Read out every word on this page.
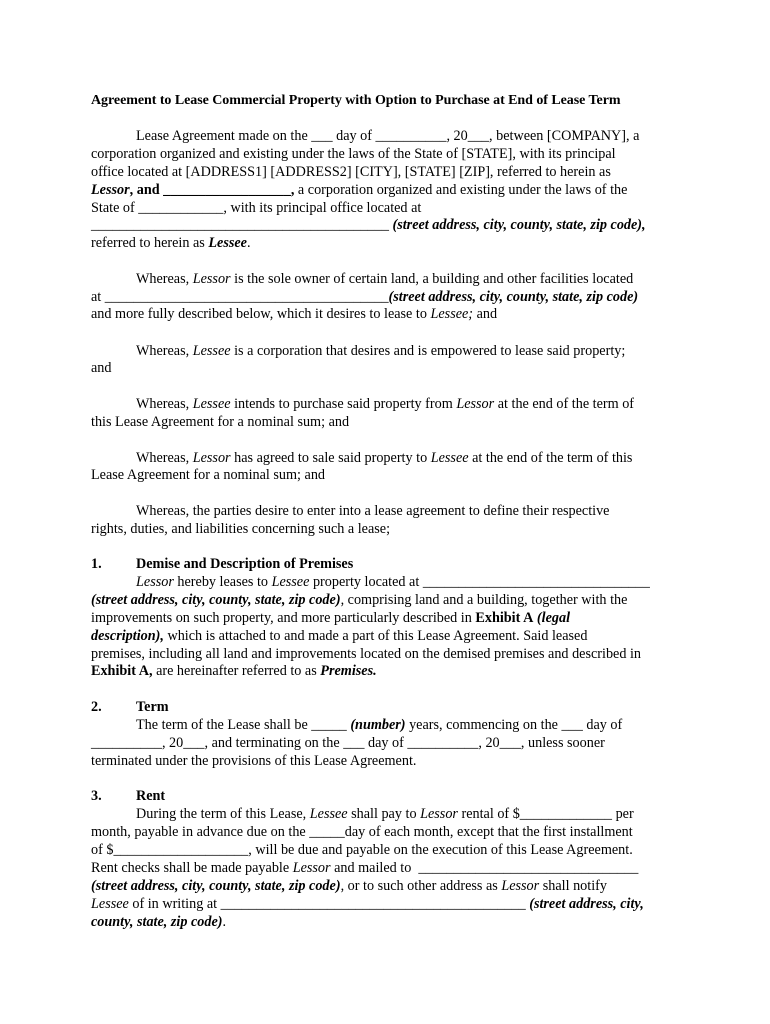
Agreement to Lease Commercial Property with Option to Purchase at End of Lease Term
Lease Agreement made on the ___ day of __________, 20___, between [COMPANY], a
corporation organized and existing under the laws of the State of [STATE], with its principal
office located at [ADDRESS1] [ADDRESS2] [CITY], [STATE] [ZIP], referred to herein as
Lessor, and __________________, a corporation organized and existing under the laws of the
State of ____________, with its principal office located at
__________________________________________ (street address, city, county, state, zip code),
referred to herein as Lessee.
Whereas, Lessor is the sole owner of certain land, a building and other facilities located
at ________________________________________(street address, city, county, state, zip code)
and more fully described below, which it desires to lease to Lessee; and
Whereas, Lessee is a corporation that desires and is empowered to lease said property;
and
Whereas, Lessee intends to purchase said property from Lessor at the end of the term of
this Lease Agreement for a nominal sum; and
Whereas, Lessor has agreed to sale said property to Lessee at the end of the term of this
Lease Agreement for a nominal sum; and
Whereas, the parties desire to enter into a lease agreement to define their respective
rights, duties, and liabilities concerning such a lease;
1. Demise and Description of Premises
Lessor hereby leases to Lessee property located at ________________________________
(street address, city, county, state, zip code), comprising land and a building, together with the
improvements on such property, and more particularly described in Exhibit A (legal
description), which is attached to and made a part of this Lease Agreement. Said leased
premises, including all land and improvements located on the demised premises and described in
Exhibit A, are hereinafter referred to as Premises.
2. Term
The term of the Lease shall be _____ (number) years, commencing on the ___ day of
__________, 20___, and terminating on the ___ day of __________, 20___, unless sooner
terminated under the provisions of this Lease Agreement.
3. Rent
During the term of this Lease, Lessee shall pay to Lessor rental of $_____________ per
month, payable in advance due on the _____day of each month, except that the first installment
of $___________________, will be due and payable on the execution of this Lease Agreement.
Rent checks shall be made payable Lessor and mailed to  _______________________________
(street address, city, county, state, zip code), or to such other address as Lessor shall notify
Lessee of in writing at ___________________________________________ (street address, city,
county, state, zip code).
